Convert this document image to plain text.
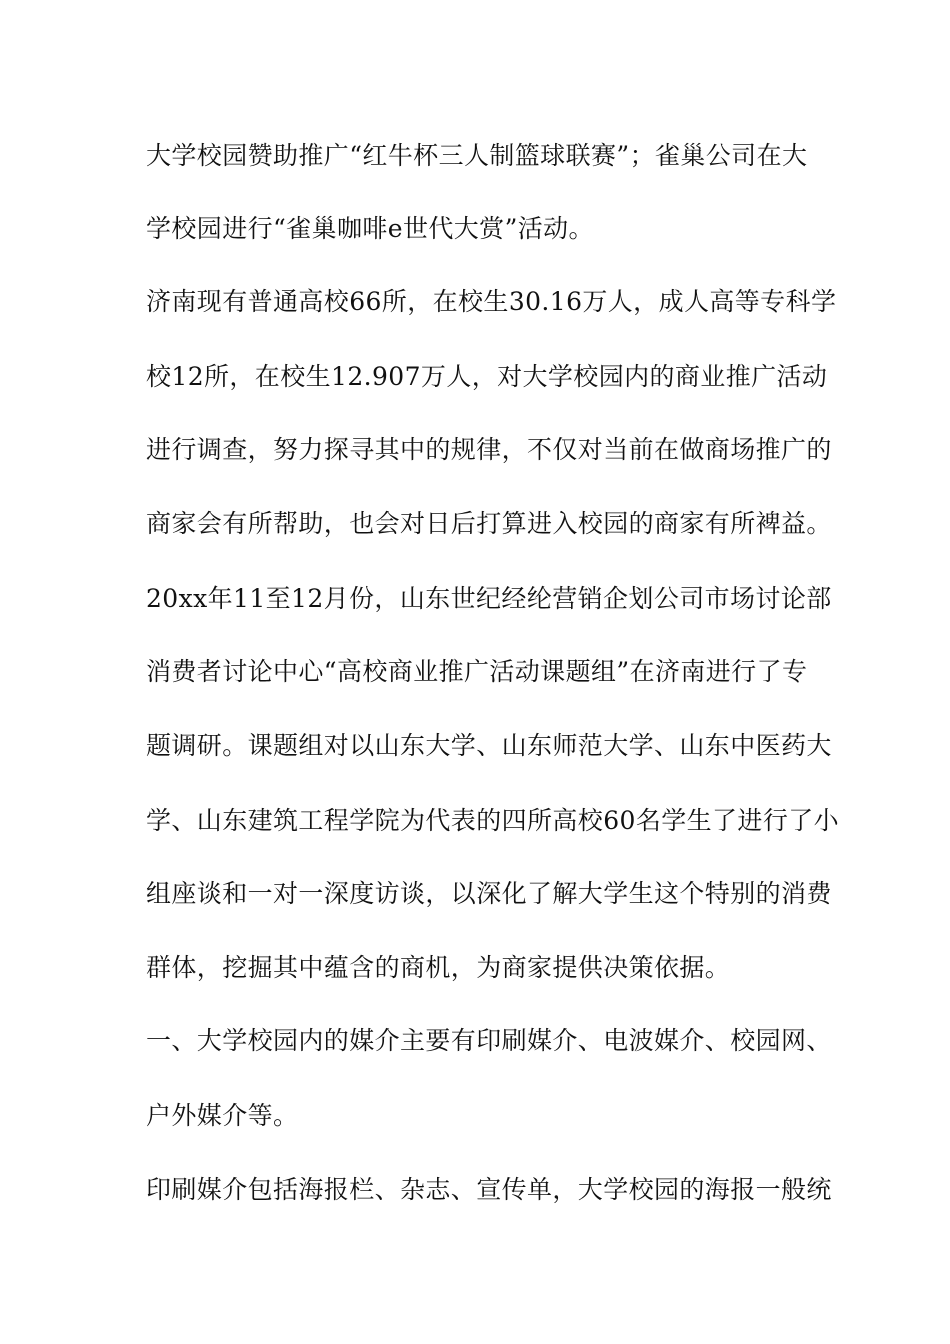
大学校园赞助推广“红牛杯三人制篮球联赛”；雀巢公司在大
学校园进行“雀巢咖啡e世代大赏”活动。
济南现有普通高校66所，在校生30.16万人，成人高等专科学
校12所，在校生12.907万人，对大学校园内的商业推广活动
进行调查，努力探寻其中的规律，不仅对当前在做商场推广的
商家会有所帮助，也会对日后打算进入校园的商家有所裨益。
20xx年11至12月份，山东世纪经纶营销企划公司市场讨论部
消费者讨论中心“高校商业推广活动课题组”在济南进行了专
题调研。课题组对以山东大学、山东师范大学、山东中医药大
学、山东建筑工程学院为代表的四所高校60名学生了进行了小
组座谈和一对一深度访谈，以深化了解大学生这个特别的消费
群体，挖掘其中蕴含的商机，为商家提供决策依据。
一、大学校园内的媒介主要有印刷媒介、电波媒介、校园网、
户外媒介等。
印刷媒介包括海报栏、杂志、宣传单，大学校园的海报一般统
